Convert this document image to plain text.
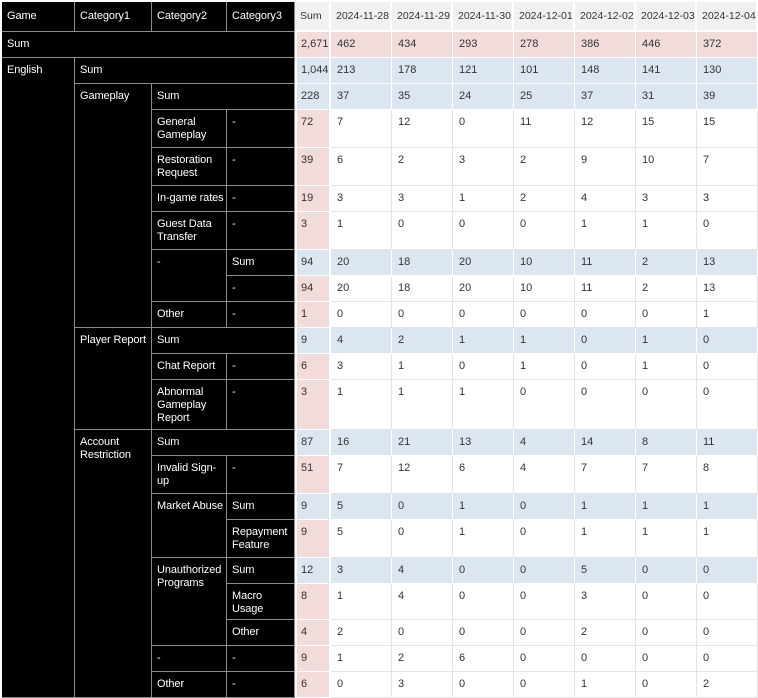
Game	Category1	Category2	Category3	Sum	2024-11-28	2024-11-29	2024-11-30	2024-12-01	2024-12-02	2024-12-03	2024-12-04
Sum				2,671	462	434	293	278	386	446	372
English	Sum			1,044	213	178	121	101	148	141	130
	Gameplay	Sum		228	37	35	24	25	37	31	39
		General Gameplay	-	72	7	12	0	11	12	15	15
		Restoration Request	-	39	6	2	3	2	9	10	7
		In-game rates	-	19	3	3	1	2	4	3	3
		Guest Data Transfer	-	3	1	0	0	0	1	1	0
		-	Sum	94	20	18	20	10	11	2	13
			-	94	20	18	20	10	11	2	13
		Other	-	1	0	0	0	0	0	0	1
	Player Report	Sum		9	4	2	1	1	0	1	0
		Chat Report	-	6	3	1	0	1	0	1	0
		Abnormal Gameplay Report	-	3	1	1	1	0	0	0	0
	Account Restriction	Sum		87	16	21	13	4	14	8	11
		Invalid Sign-up	-	51	7	12	6	4	7	7	8
		Market Abuse	Sum	9	5	0	1	0	1	1	1
			Repayment Feature	9	5	0	1	0	1	1	1
		Unauthorized Programs	Sum	12	3	4	0	0	5	0	0
			Macro Usage	8	1	4	0	0	3	0	0
			Other	4	2	0	0	0	2	0	0
		-	-	9	1	2	6	0	0	0	0
		Other	-	6	0	3	0	0	1	0	2
